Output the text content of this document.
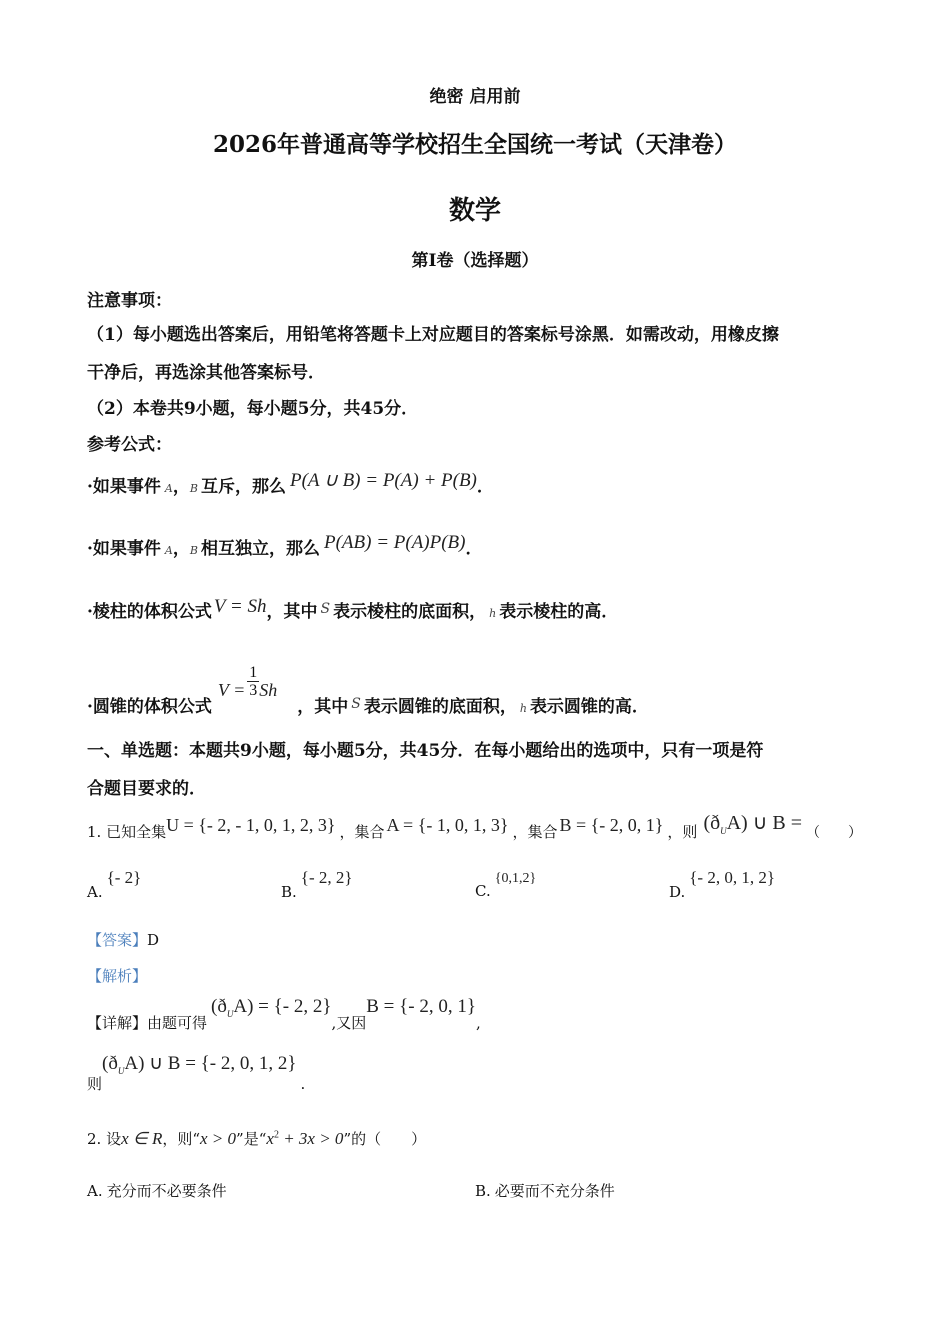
绝密 启用前
2026年普通高等学校招生全国统一考试（天津卷）
数学
第I卷（选择题）
注意事项：
（1）每小题选出答案后，用铅笔将答题卡上对应题目的答案标号涂黑．如需改动，用橡皮擦
干净后，再选涂其他答案标号．
（2）本卷共9小题，每小题5分，共45分．
参考公式：
·如果事件 A，B 互斥，那么 P(A ∪ B) = P(A) + P(B)．
·如果事件 A，B 相互独立，那么 P(AB) = P(A)P(B)．
·棱柱的体积公式 V = Sh，其中 $^S$ 表示棱柱的底面积， h 表示棱柱的高．
·圆锥的体积公式$V = \frac{1}{3}$ Sh，其中 $_S$ 表示圆锥的底面积， $_h$ 表示圆锥的高．
一、单选题：本题共9小题，每小题5分，共45分．在每小题给出的选项中，只有一项是符
合题目要求的．
1. 已知全集U = {- 2, - 1, 0, 1, 2, 3} ，集合 A = {- 1, 0, 1, 3} ，集合 B = {- 2, 0, 1} ，则 $(ð_UA)$ ∪ B = （　　）
A.{- 2}
B.{- 2, 2}
C.{0,1,2}
D.{- 2, 0, 1, 2}
【答案】D
【解析】
【详解】由题可得$(ð_UA)$ = {- 2, 2},又因B = {- 2, 0, 1},
则$(ð_UA)$ ∪ B = {- 2, 0, 1, 2}.
2. 设x ∈ R，则“x > 0”是“$x^2 + 3x > 0$”的（　　）
A. 充分而不必要条件	B. 必要而不充分条件
